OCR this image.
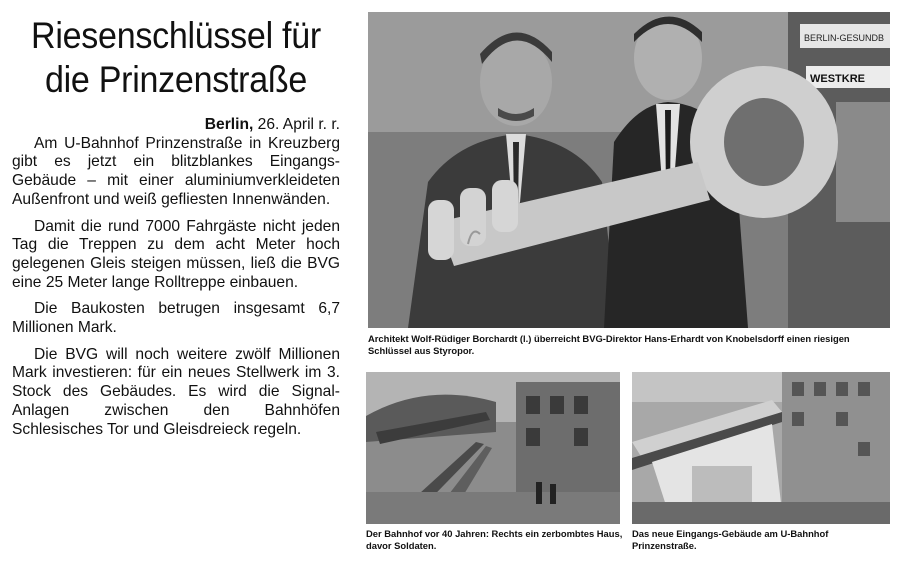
Riesenschlüssel für
die Prinzenstraße
Berlin, 26. April r. r.

Am U-Bahnhof Prinzenstraße in Kreuzberg gibt es jetzt ein blitzblankes Eingangs-Gebäude – mit einer aluminiumverkleideten Außenfront und weiß gefliesten Innenwänden.

Damit die rund 7000 Fahrgäste nicht jeden Tag die Treppen zu dem acht Meter hoch gelegenen Gleis steigen müssen, ließ die BVG eine 25 Meter lange Rolltreppe einbauen.

Die Baukosten betrugen insgesamt 6,7 Millionen Mark.

Die BVG will noch weitere zwölf Millionen Mark investieren: für ein neues Stellwerk im 3. Stock des Gebäudes. Es wird die Signal-Anlagen zwischen den Bahnhöfen Schlesisches Tor und Gleisdreieck regeln.

BERLIN-GESUNDB
WESTKRE
Architekt Wolf-Rüdiger Borchardt (l.) überreicht BVG-Direktor Hans-Erhardt von Knobelsdorff einen riesigen Schlüssel aus Styropor.
Der Bahnhof vor 40 Jahren: Rechts ein zerbombtes Haus, davor Soldaten.
Das neue Eingangs-Gebäude am U-Bahnhof Prinzenstraße.
